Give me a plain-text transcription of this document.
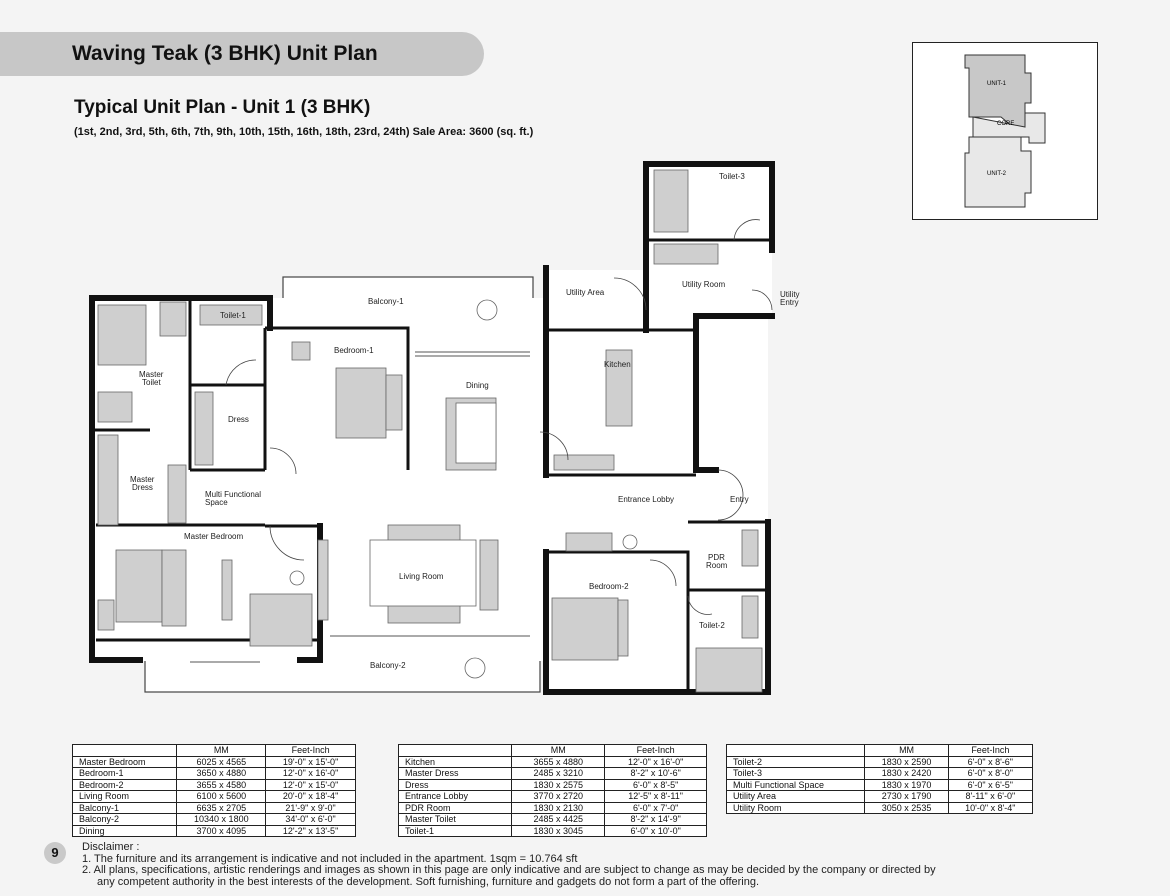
Waving Teak (3 BHK) Unit Plan
Typical Unit Plan - Unit 1 (3 BHK)
(1st, 2nd, 3rd, 5th, 6th, 7th, 9th, 10th, 15th, 16th, 18th, 23rd, 24th) Sale Area: 3600 (sq. ft.)
UNIT-1
CORE
UNIT-2
Balcony-1
Toilet-1
Bedroom-1
Master
Toilet
Dress
Master
Dress
Multi Functional
Space
Dining
Utility Area
Utility Room
Toilet-3
Utility
Entry
Kitchen
Entrance Lobby	Entry
Master Bedroom
Living Room
Bedroom-2
PDR
Room
Toilet-2
Balcony-2
	MM	Feet-Inch
Master Bedroom	6025 x 4565	19'-0" x 15'-0"
Bedroom-1	3650 x 4880	12'-0" x 16'-0"
Bedroom-2	3655 x 4580	12'-0" x 15'-0"
Living Room	6100 x 5600	20'-0" x 18'-4"
Balcony-1	6635 x 2705	21'-9" x 9'-0"
Balcony-2	10340 x 1800	34'-0" x 6'-0"
Dining	3700 x 4095	12'-2" x 13'-5"
	MM	Feet-Inch
Kitchen	3655 x 4880	12'-0" x 16'-0"
Master Dress	2485 x 3210	8'-2" x 10'-6"
Dress	1830 x 2575	6'-0" x 8'-5"
Entrance Lobby	3770 x 2720	12'-5" x 8'-11"
PDR Room	1830 x 2130	6'-0" x 7'-0"
Master Toilet	2485 x 4425	8'-2" x 14'-9"
Toilet-1	1830 x 3045	6'-0" x 10'-0"
	MM	Feet-Inch
Toilet-2	1830 x 2590	6'-0" x 8'-6"
Toilet-3	1830 x 2420	6'-0" x 8'-0"
Multi Functional Space	1830 x 1970	6'-0" x 6'-5"
Utility Area	2730 x 1790	8'-11" x 6'-0"
Utility Room	3050 x 2535	10'-0" x 8'-4"
9	Disclaimer :
1. The furniture and its arrangement is indicative and not included in the apartment. 1sqm = 10.764 sft
2. All plans, specifications, artistic renderings and images as shown in this page are only indicative and are subject to change as may be decided by the company or directed by
any competent authority in the best interests of the development. Soft furnishing, furniture and gadgets do not form a part of the offering.
